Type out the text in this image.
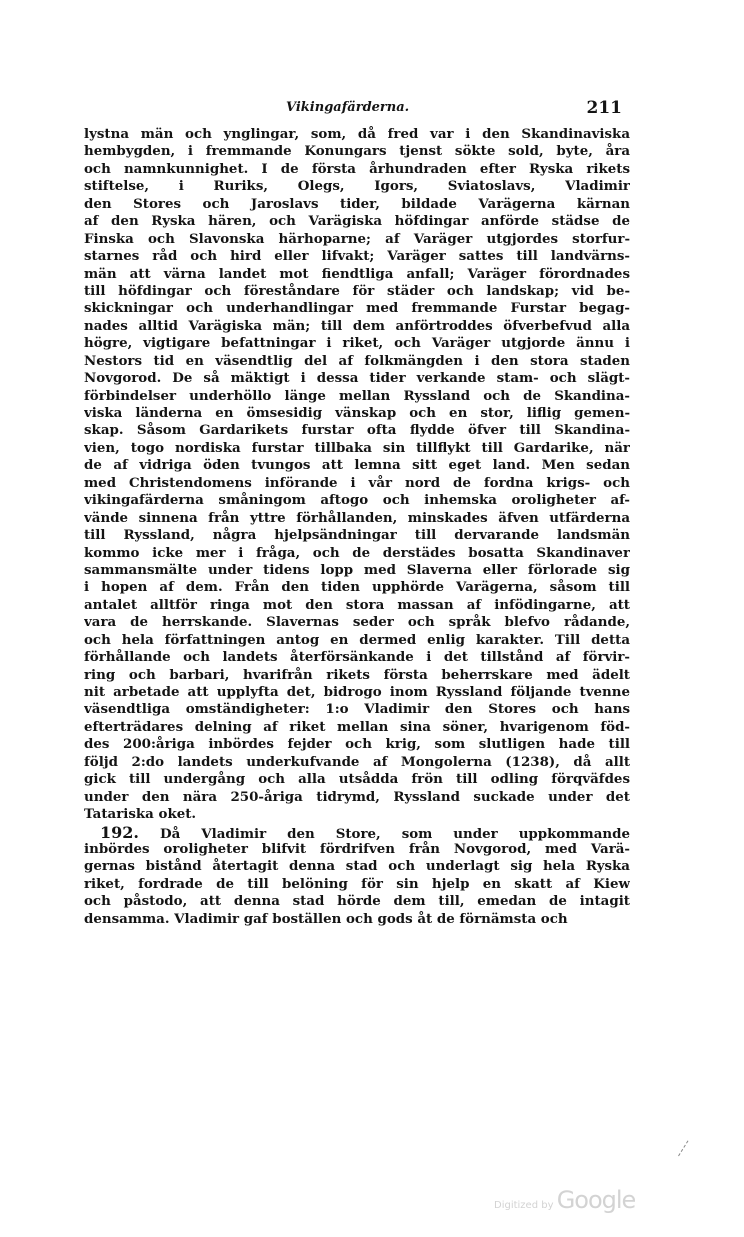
Vikingafärderna.	211
lystna män och ynglingar, som, då fred var i den Skandinaviska
hembygden, i fremmande Konungars tjenst sökte sold, byte, åra
och namnkunnighet. I de första århundraden efter Ryska rikets
stiftelse, i Ruriks, Olegs, Igors, Sviatoslavs, Vladimir
den Stores och Jaroslavs tider, bildade Varägerna kärnan
af den Ryska hären, och Varägiska höfdingar anförde städse de
Finska och Slavonska härhoparne; af Varäger utgjordes storfur-
starnes råd och hird eller lifvakt; Varäger sattes till landvärns-
män att värna landet mot fiendtliga anfall; Varäger förordnades
till höfdingar och föreståndare för städer och landskap; vid be-
skickningar och underhandlingar med fremmande Furstar begag-
nades alltid Varägiska män; till dem anförtroddes öfverbefvud alla
högre, vigtigare befattningar i riket, och Varäger utgjorde ännu i
Nestors tid en väsendtlig del af folkmängden i den stora staden
Novgorod. De så mäktigt i dessa tider verkande stam- och slägt-
förbindelser underhöllo länge mellan Ryssland och de Skandina-
viska länderna en ömsesidig vänskap och en stor, liflig gemen-
skap. Såsom Gardarikets furstar ofta flydde öfver till Skandina-
vien, togo nordiska furstar tillbaka sin tillflykt till Gardarike, när
de af vidriga öden tvungos att lemna sitt eget land. Men sedan
med Christendomens införande i vår nord de fordna krigs- och
vikingafärderna småningom aftogo och inhemska oroligheter af-
vände sinnena från yttre förhållanden, minskades äfven utfärderna
till Ryssland, några hjelpsändningar till dervarande landsmän
kommo icke mer i fråga, och de derstädes bosatta Skandinaver
sammansmälte under tidens lopp med Slaverna eller förlorade sig
i hopen af dem. Från den tiden upphörde Varägerna, såsom till
antalet alltför ringa mot den stora massan af infödingarne, att
vara de herrskande. Slavernas seder och språk blefvo rådande,
och hela författningen antog en dermed enlig karakter. Till detta
förhållande och landets återförsänkande i det tillstånd af förvir-
ring och barbari, hvarifrån rikets första beherrskare med ädelt
nit arbetade att upplyfta det, bidrogo inom Ryssland följande tvenne
väsendtliga omständigheter: 1:o Vladimir den Stores och hans
efterträdares delning af riket mellan sina söner, hvarigenom föd-
des 200:åriga inbördes fejder och krig, som slutligen hade till
följd 2:do landets underkufvande af Mongolerna (1238), då allt
gick till undergång och alla utsådda frön till odling förqväfdes
under den nära 250-åriga tidrymd, Ryssland suckade under det
Tatariska oket.
192. Då Vladimir den Store, som under uppkommande
inbördes oroligheter blifvit fördrifven från Novgorod, med Varä-
gernas bistånd återtagit denna stad och underlagt sig hela Ryska
riket, fordrade de till belöning för sin hjelp en skatt af Kiew
och påstodo, att denna stad hörde dem till, emedan de intagit
densamma. Vladimir gaf boställen och gods åt de förnämsta och
Digitized by Google
